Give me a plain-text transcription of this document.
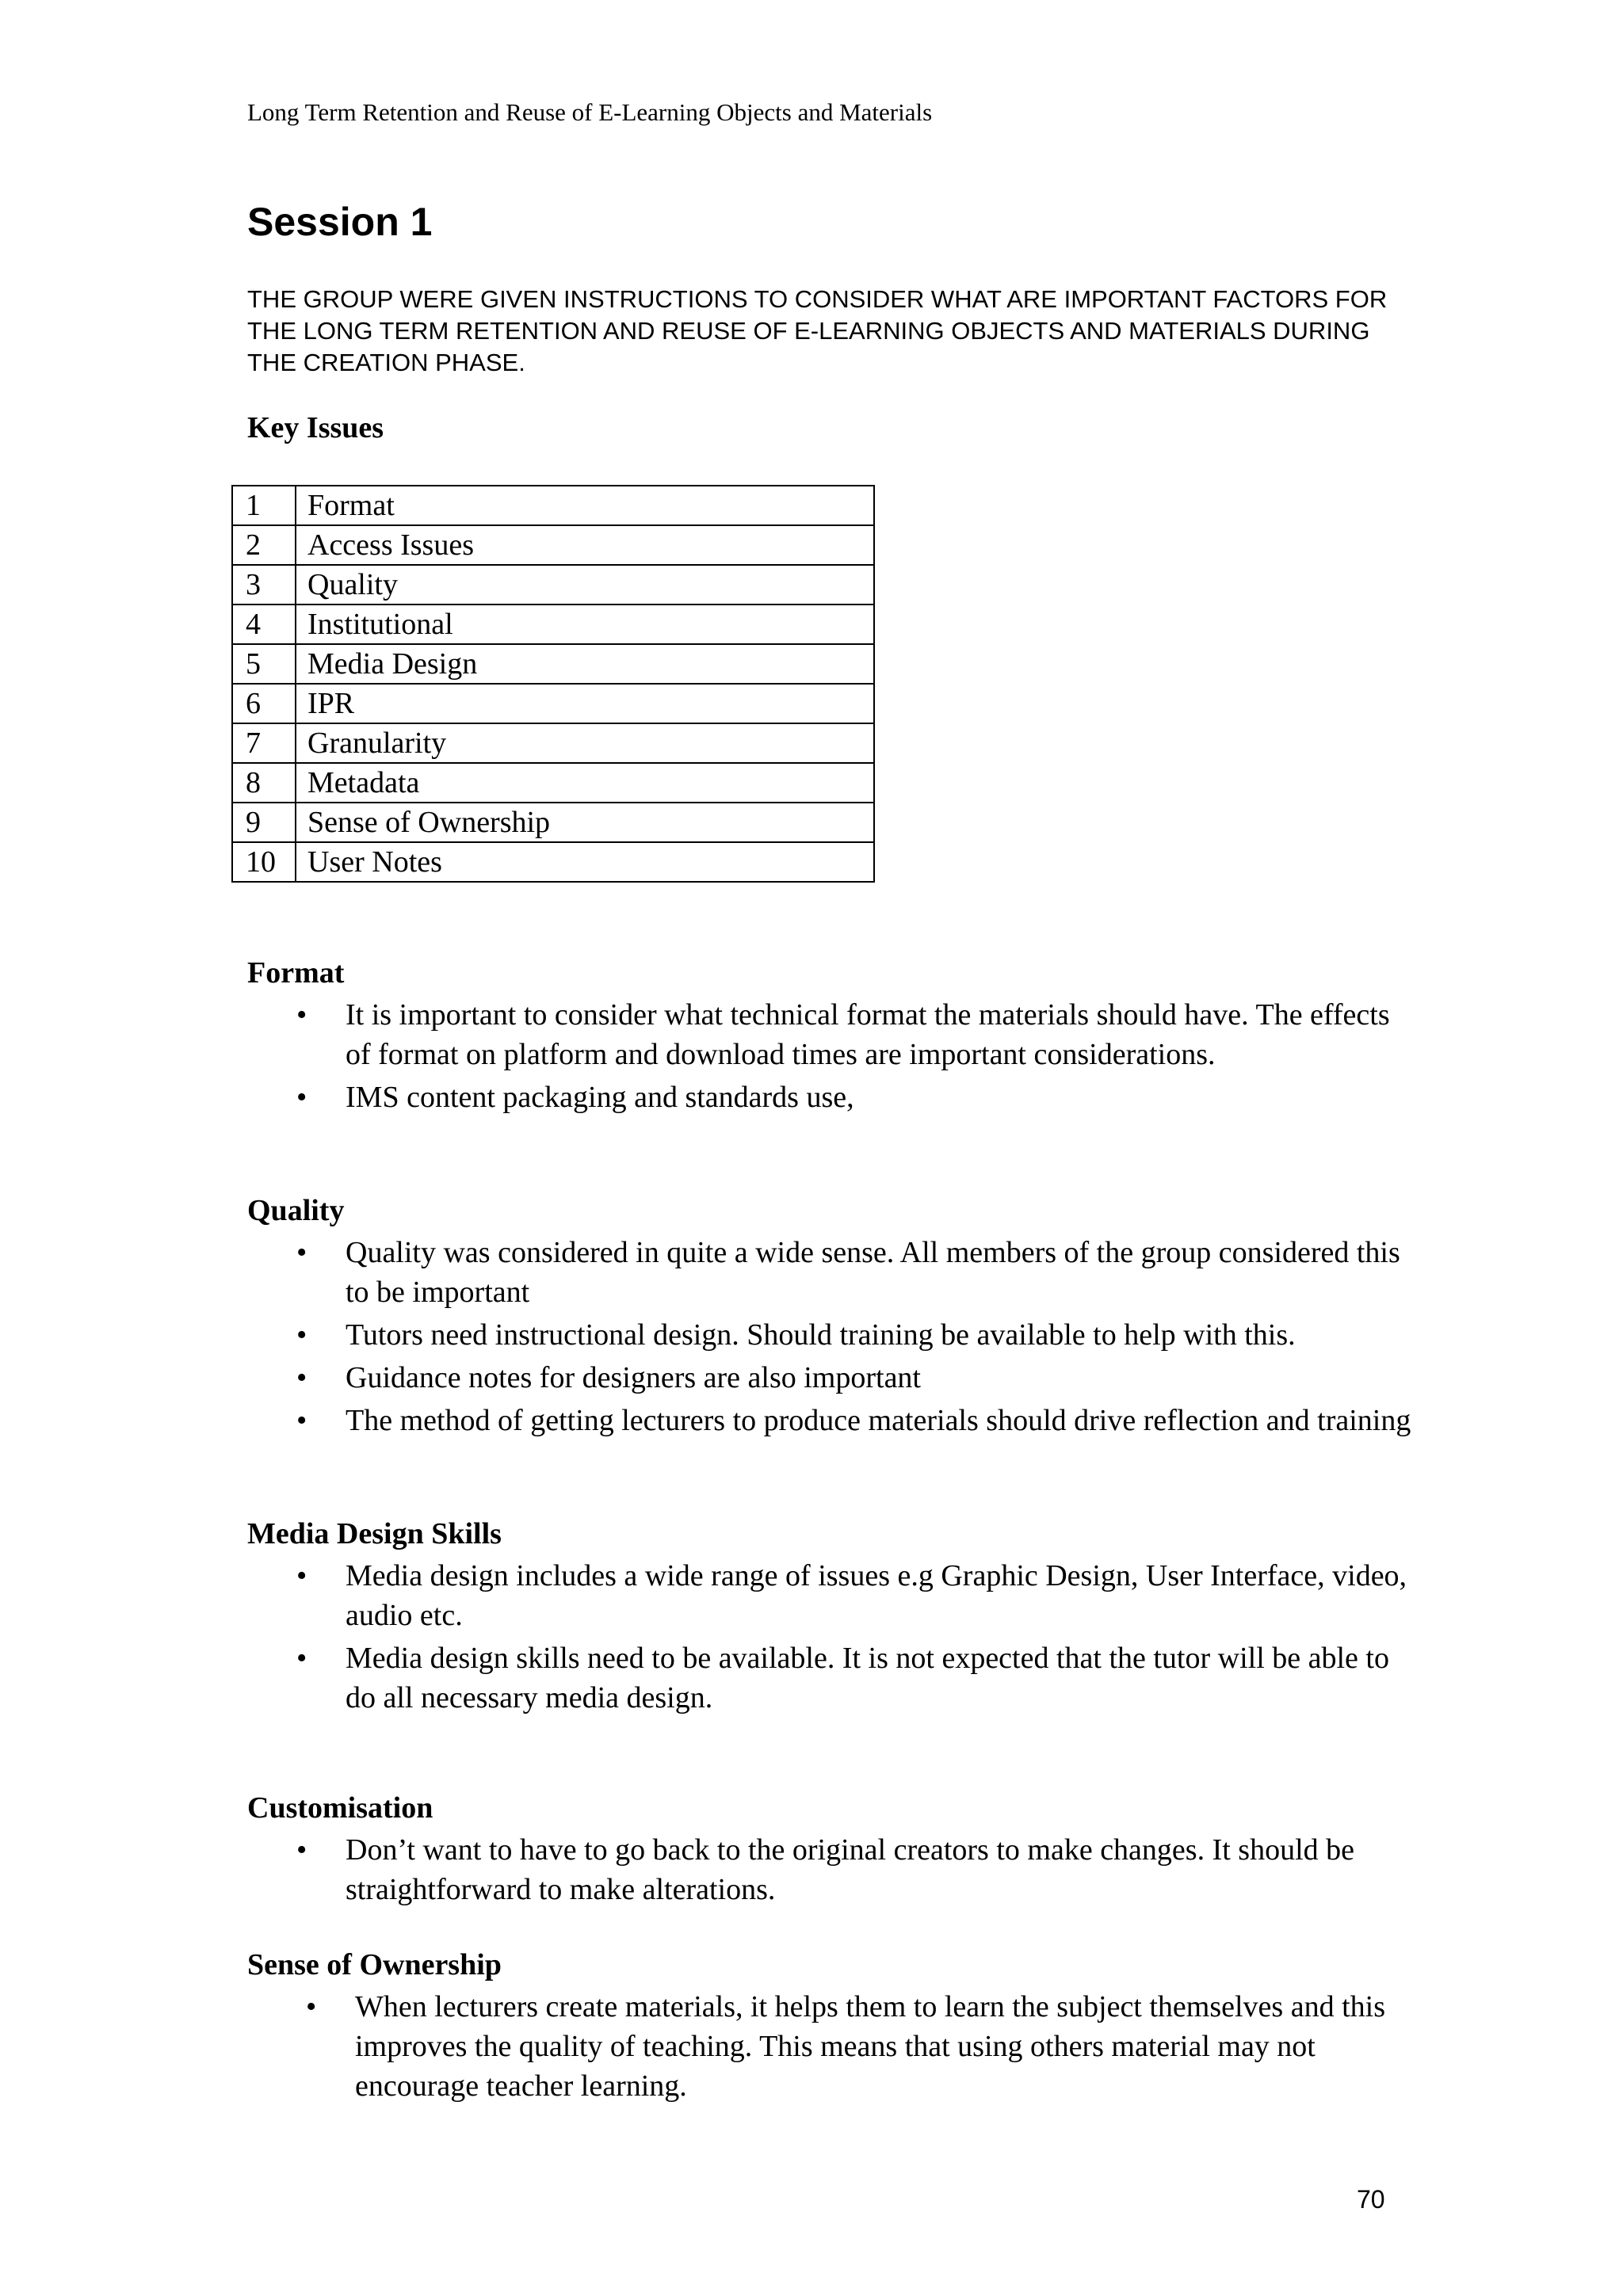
Long Term Retention and Reuse of E-Learning Objects and Materials
Session 1

THE GROUP WERE GIVEN INSTRUCTIONS TO CONSIDER WHAT ARE IMPORTANT FACTORS FOR THE LONG TERM RETENTION AND REUSE OF E-LEARNING OBJECTS AND MATERIALS DURING THE CREATION PHASE.

Key Issues
1	Format
2	Access Issues
3	Quality
4	Institutional
5	Media Design
6	IPR
7	Granularity
8	Metadata
9	Sense of Ownership
10	User Notes
Format
• It is important to consider what technical format the materials should have. The effects of format on platform and download times are important considerations.
• IMS content packaging and standards use,
Quality
• Quality was considered in quite a wide sense. All members of the group considered this to be important
• Tutors need instructional design. Should training be available to help with this.
• Guidance notes for designers are also important
• The method of getting lecturers to produce materials should drive reflection and training
Media Design Skills
• Media design includes a wide range of issues e.g Graphic Design, User Interface, video, audio etc.
• Media design skills need to be available. It is not expected that the tutor will be able to do all necessary media design.
Customisation
• Don’t want to have to go back to the original creators to make changes. It should be straightforward to make alterations.
Sense of Ownership
• When lecturers create materials, it helps them to learn the subject themselves and this improves the quality of teaching. This means that using others material may not encourage teacher learning.
70
